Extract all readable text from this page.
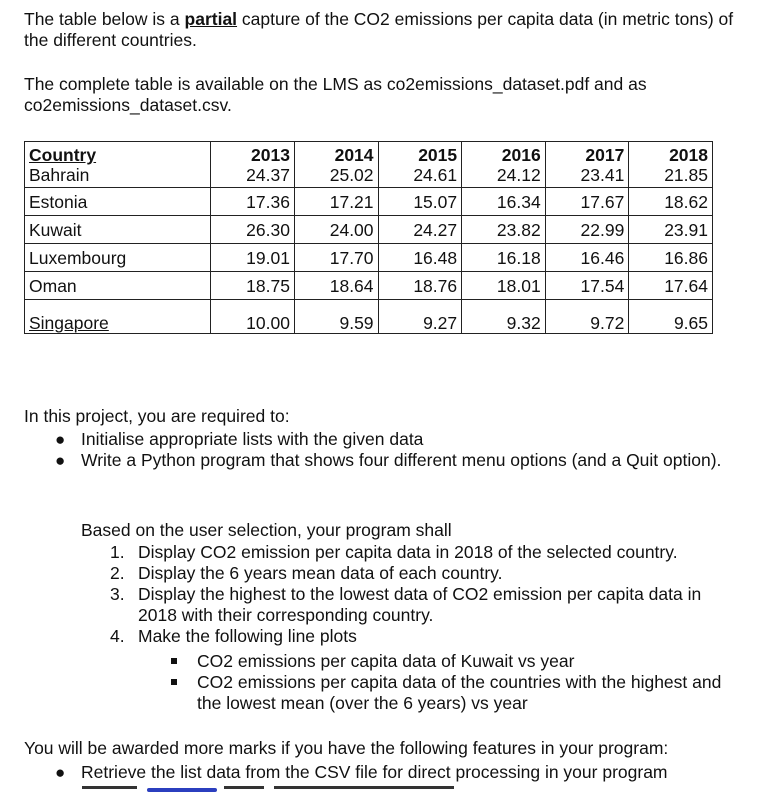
The table below is a partial capture of the CO2 emissions per capita data (in metric tons) of the different countries.

The complete table is available on the LMS as co2emissions_dataset.pdf and as co2emissions_dataset.csv.

Country	2013	2014	2015	2016	2017	2018
Bahrain	24.37	25.02	24.61	24.12	23.41	21.85
Estonia	17.36	17.21	15.07	16.34	17.67	18.62
Kuwait	26.30	24.00	24.27	23.82	22.99	23.91
Luxembourg	19.01	17.70	16.48	16.18	16.46	16.86
Oman	18.75	18.64	18.76	18.01	17.54	17.64
Singapore	10.00	9.59	9.27	9.32	9.72	9.65

In this project, you are required to:

● Initialise appropriate lists with the given data
● Write a Python program that shows four different menu options (and a Quit option).

Based on the user selection, your program shall

1. Display CO2 emission per capita data in 2018 of the selected country.
2. Display the 6 years mean data of each country.
3. Display the highest to the lowest data of CO2 emission per capita data in 2018 with their corresponding country.
4. Make the following line plots
CO2 emissions per capita data of Kuwait vs year
CO2 emissions per capita data of the countries with the highest and the lowest mean (over the 6 years) vs year

You will be awarded more marks if you have the following features in your program:

● Retrieve the list data from the CSV file for direct processing in your program
